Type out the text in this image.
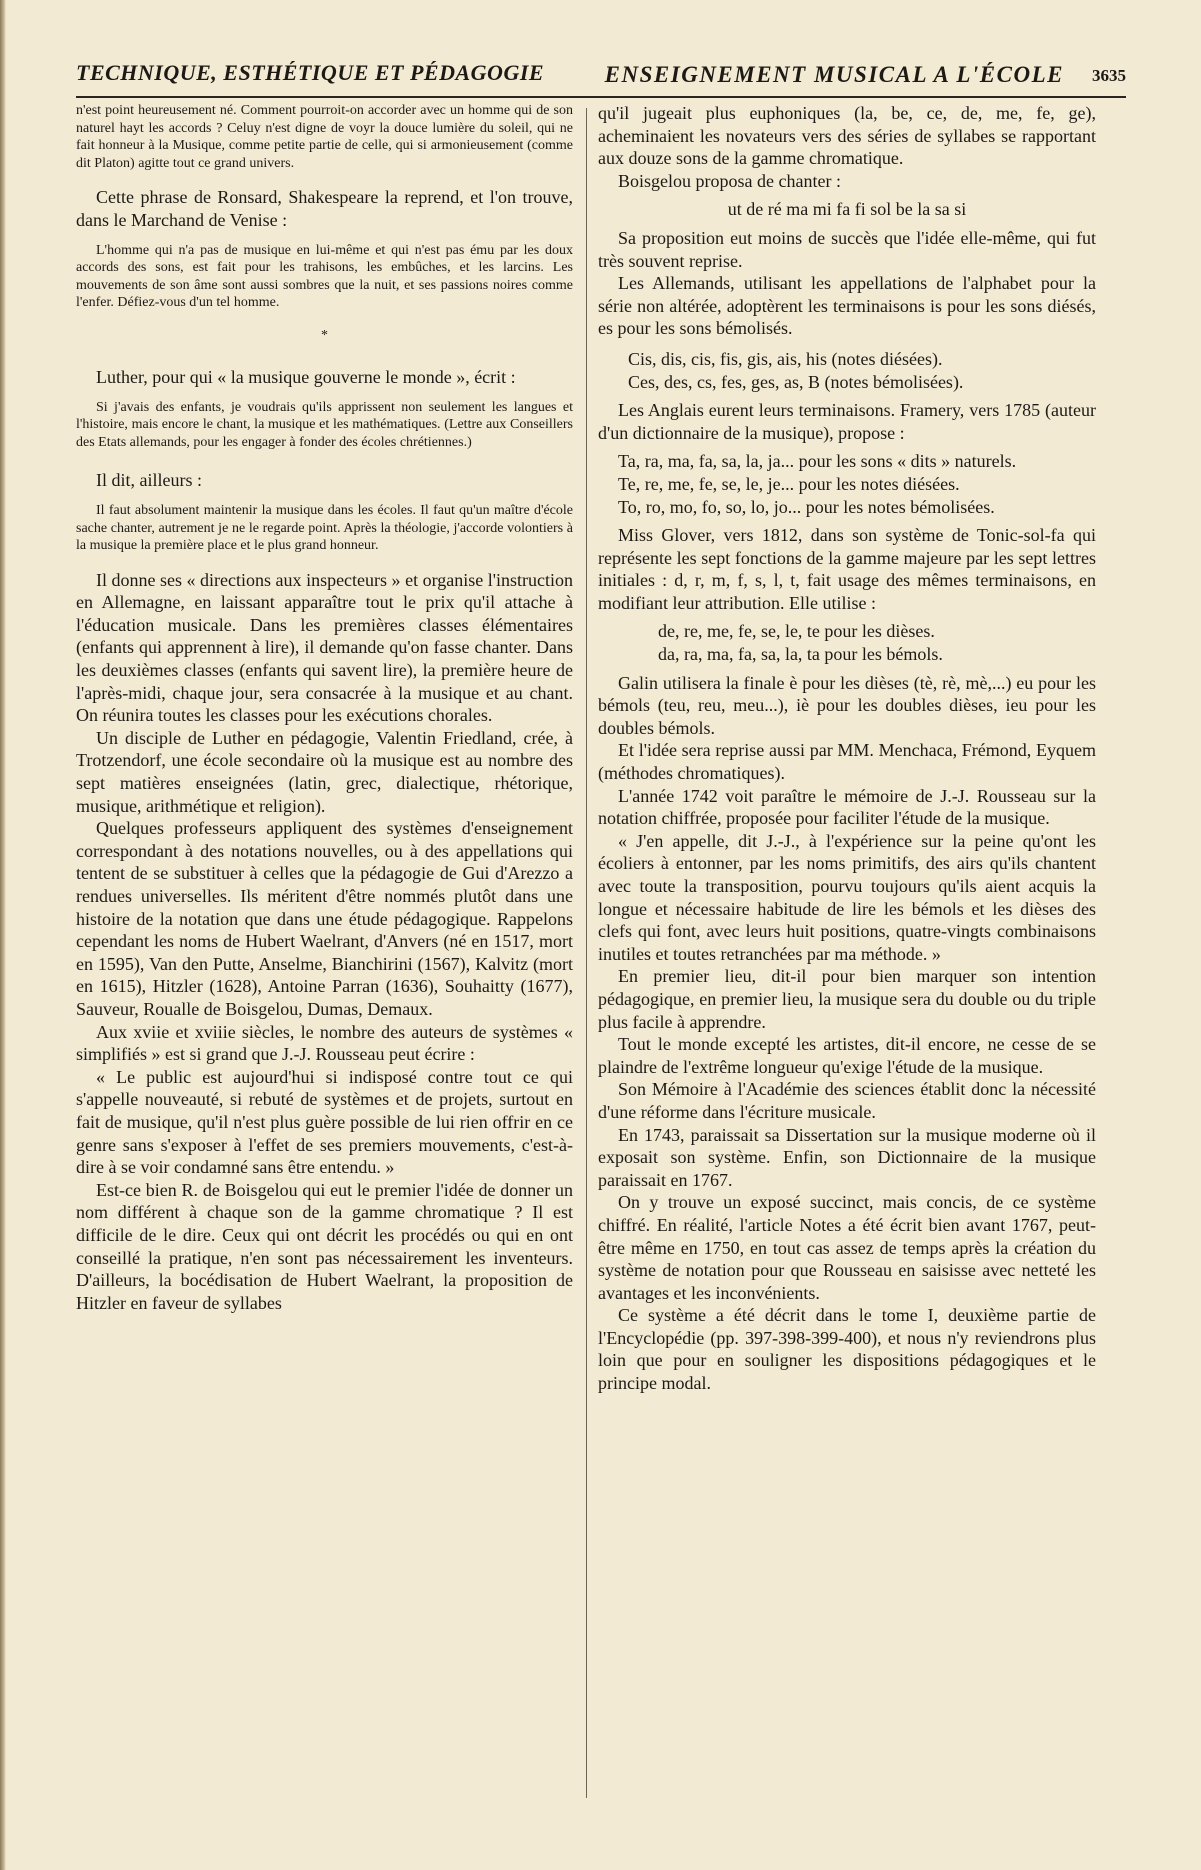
TECHNIQUE, ESTHÉTIQUE ET PÉDAGOGIE	ENSEIGNEMENT MUSICAL A L'ÉCOLE 3635

n'est point heureusement né. Comment pourroit-on accorder avec un homme qui de son naturel hayt les accords ? Celuy n'est digne de voyr la douce lumière du soleil, qui ne fait honneur à la Musique, comme petite partie de celle, qui si armonieusement (comme dit Platon) agitte tout ce grand univers.

Cette phrase de Ronsard, Shakespeare la reprend, et l'on trouve, dans le Marchand de Venise :

L'homme qui n'a pas de musique en lui-même et qui n'est pas ému par les doux accords des sons, est fait pour les trahisons, les embûches, et les larcins. Les mouvements de son âme sont aussi sombres que la nuit, et ses passions noires comme l'enfer. Défiez-vous d'un tel homme.

*

Luther, pour qui « la musique gouverne le monde », écrit :

Si j'avais des enfants, je voudrais qu'ils apprissent non seulement les langues et l'histoire, mais encore le chant, la musique et les mathématiques. (Lettre aux Conseillers des Etats allemands, pour les engager à fonder des écoles chrétiennes.)

Il dit, ailleurs :

Il faut absolument maintenir la musique dans les écoles. Il faut qu'un maître d'école sache chanter, autrement je ne le regarde point. Après la théologie, j'accorde volontiers à la musique la première place et le plus grand honneur.

Il donne ses « directions aux inspecteurs » et organise l'instruction en Allemagne, en laissant apparaître tout le prix qu'il attache à l'éducation musicale. Dans les premières classes élémentaires (enfants qui apprennent à lire), il demande qu'on fasse chanter. Dans les deuxièmes classes (enfants qui savent lire), la première heure de l'après-midi, chaque jour, sera consacrée à la musique et au chant. On réunira toutes les classes pour les exécutions chorales.

Un disciple de Luther en pédagogie, Valentin Friedland, crée, à Trotzendorf, une école secondaire où la musique est au nombre des sept matières enseignées (latin, grec, dialectique, rhétorique, musique, arithmétique et religion).

Quelques professeurs appliquent des systèmes d'enseignement correspondant à des notations nouvelles, ou à des appellations qui tentent de se substituer à celles que la pédagogie de Gui d'Arezzo a rendues universelles. Ils méritent d'être nommés plutôt dans une histoire de la notation que dans une étude pédagogique. Rappelons cependant les noms de Hubert Waelrant, d'Anvers (né en 1517, mort en 1595), Van den Putte, Anselme, Bianchirini (1567), Kalvitz (mort en 1615), Hitzler (1628), Antoine Parran (1636), Souhaitty (1677), Sauveur, Roualle de Boisgelou, Dumas, Demaux.

Aux xviie et xviiie siècles, le nombre des auteurs de systèmes « simplifiés » est si grand que J.-J. Rousseau peut écrire :

« Le public est aujourd'hui si indisposé contre tout ce qui s'appelle nouveauté, si rebuté de systèmes et de projets, surtout en fait de musique, qu'il n'est plus guère possible de lui rien offrir en ce genre sans s'exposer à l'effet de ses premiers mouvements, c'est-à-dire à se voir condamné sans être entendu. »

Est-ce bien R. de Boisgelou qui eut le premier l'idée de donner un nom différent à chaque son de la gamme chromatique ? Il est difficile de le dire. Ceux qui ont décrit les procédés ou qui en ont conseillé la pratique, n'en sont pas nécessairement les inventeurs. D'ailleurs, la bocédisation de Hubert Waelrant, la proposition de Hitzler en faveur de syllabes

qu'il jugeait plus euphoniques (la, be, ce, de, me, fe, ge), acheminaient les novateurs vers des séries de syllabes se rapportant aux douze sons de la gamme chromatique.

Boisgelou proposa de chanter :

ut de ré ma mi fa fi sol be la sa si

Sa proposition eut moins de succès que l'idée elle-même, qui fut très souvent reprise.

Les Allemands, utilisant les appellations de l'alphabet pour la série non altérée, adoptèrent les terminaisons is pour les sons diésés, es pour les sons bémolisés.

Cis, dis, cis, fis, gis, ais, his (notes diésées).

Ces, des, cs, fes, ges, as, B (notes bémolisées).

Les Anglais eurent leurs terminaisons. Framery, vers 1785 (auteur d'un dictionnaire de la musique), propose :

Ta, ra, ma, fa, sa, la, ja... pour les sons « dits » naturels.

Te, re, me, fe, se, le, je... pour les notes diésées.

To, ro, mo, fo, so, lo, jo... pour les notes bémolisées.

Miss Glover, vers 1812, dans son système de Tonic-sol-fa qui représente les sept fonctions de la gamme majeure par les sept lettres initiales : d, r, m, f, s, l, t, fait usage des mêmes terminaisons, en modifiant leur attribution. Elle utilise :

de, re, me, fe, se, le, te pour les dièses.

da, ra, ma, fa, sa, la, ta pour les bémols.

Galin utilisera la finale è pour les dièses (tè, rè, mè,...) eu pour les bémols (teu, reu, meu...), iè pour les doubles dièses, ieu pour les doubles bémols.

Et l'idée sera reprise aussi par MM. Menchaca, Frémond, Eyquem (méthodes chromatiques).

L'année 1742 voit paraître le mémoire de J.-J. Rousseau sur la notation chiffrée, proposée pour faciliter l'étude de la musique.

« J'en appelle, dit J.-J., à l'expérience sur la peine qu'ont les écoliers à entonner, par les noms primitifs, des airs qu'ils chantent avec toute la transposition, pourvu toujours qu'ils aient acquis la longue et nécessaire habitude de lire les bémols et les dièses des clefs qui font, avec leurs huit positions, quatre-vingts combinaisons inutiles et toutes retranchées par ma méthode. »

En premier lieu, dit-il pour bien marquer son intention pédagogique, en premier lieu, la musique sera du double ou du triple plus facile à apprendre.

Tout le monde excepté les artistes, dit-il encore, ne cesse de se plaindre de l'extrême longueur qu'exige l'étude de la musique.

Son Mémoire à l'Académie des sciences établit donc la nécessité d'une réforme dans l'écriture musicale.

En 1743, paraissait sa Dissertation sur la musique moderne où il exposait son système. Enfin, son Dictionnaire de la musique paraissait en 1767.

On y trouve un exposé succinct, mais concis, de ce système chiffré. En réalité, l'article Notes a été écrit bien avant 1767, peut-être même en 1750, en tout cas assez de temps après la création du système de notation pour que Rousseau en saisisse avec netteté les avantages et les inconvénients.

Ce système a été décrit dans le tome I, deuxième partie de l'Encyclopédie (pp. 397-398-399-400), et nous n'y reviendrons plus loin que pour en souligner les dispositions pédagogiques et le principe modal.
